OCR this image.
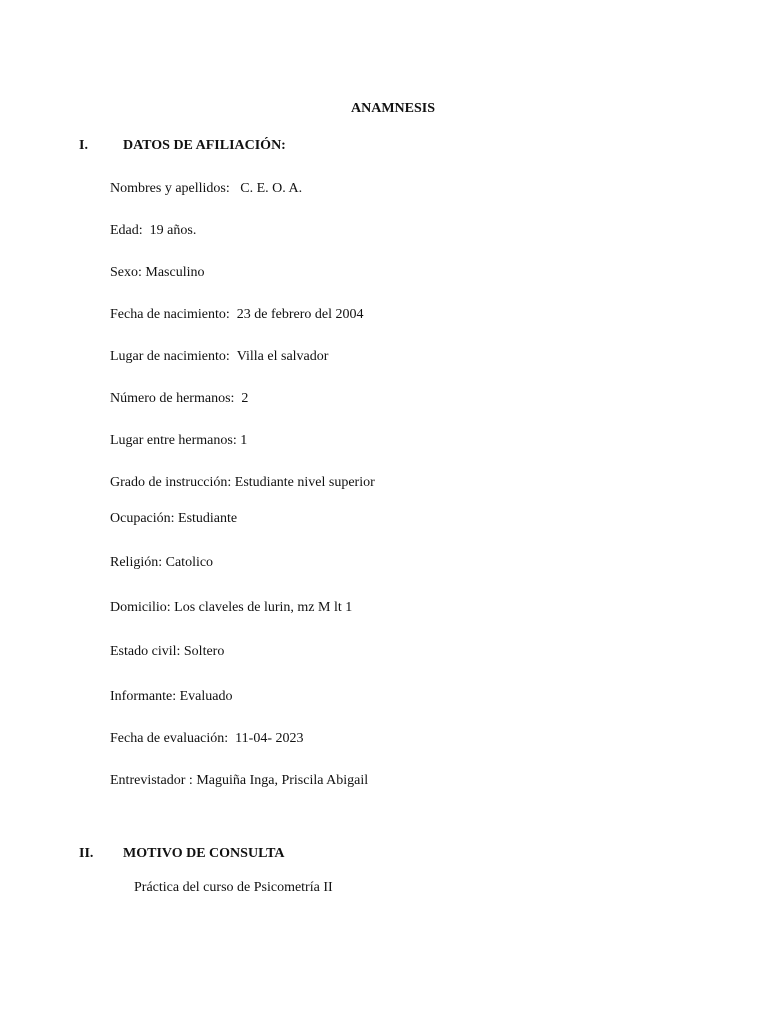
ANAMNESIS
I.	DATOS DE AFILIACIÓN:
Nombres y apellidos: C. E. O. A.
Edad: 19 años.
Sexo: Masculino
Fecha de nacimiento: 23 de febrero del 2004
Lugar de nacimiento: Villa el salvador
Número de hermanos: 2
Lugar entre hermanos: 1
Grado de instrucción: Estudiante nivel superior
Ocupación: Estudiante
Religión: Catolico
Domicilio: Los claveles de lurin, mz M lt 1
Estado civil: Soltero
Informante: Evaluado
Fecha de evaluación: 11-04- 2023
Entrevistador : Maguiña Inga, Priscila Abigail
II. MOTIVO DE CONSULTA
Práctica del curso de Psicometría II
